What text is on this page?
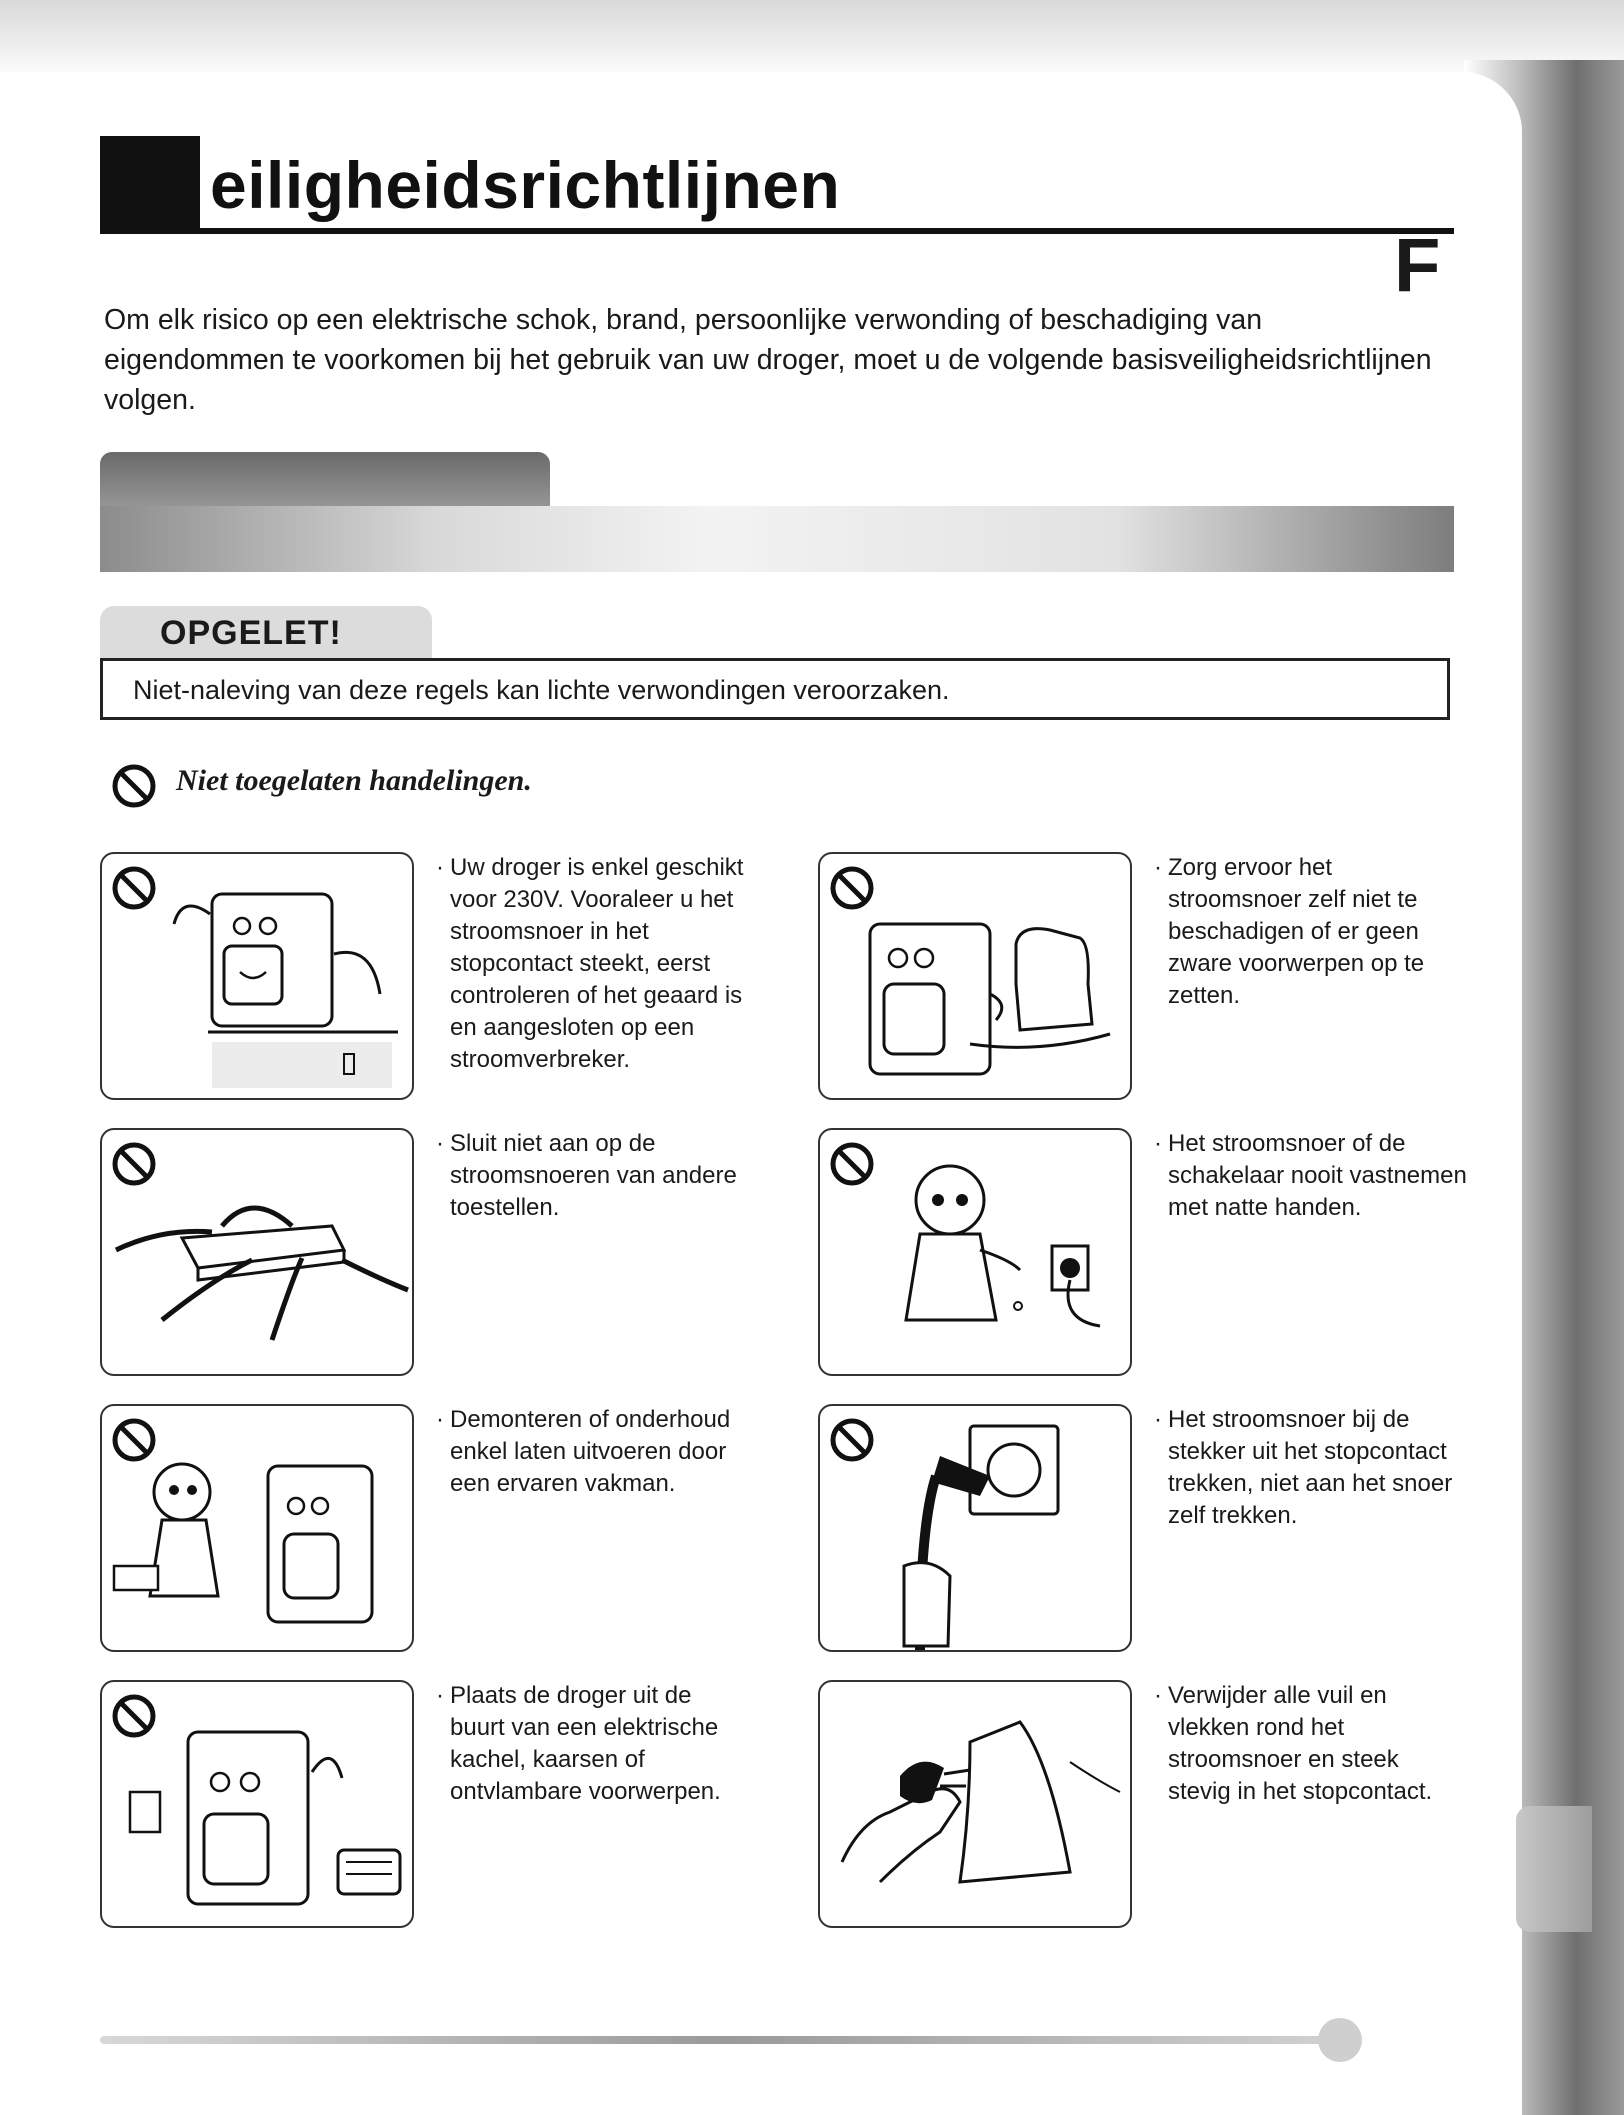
eiligheidsrichtlijnen
F

Om elk risico op een elektrische schok, brand, persoonlijke verwonding of beschadiging van eigendommen te voorkomen bij het gebruik van uw droger, moet u de volgende basisveiligheidsrichtlijnen volgen.

OPGELET!
Niet-naleving van deze regels kan lichte verwondingen veroorzaken.
Niet toegelaten handelingen.
· Uw droger is enkel geschikt voor 230V. Vooraleer u het stroomsnoer in het stopcontact steekt, eerst controleren of het geaard is en aangesloten op een stroomverbreker.
· Zorg ervoor het stroomsnoer zelf niet te beschadigen of er geen zware voorwerpen op te zetten.
· Sluit niet aan op de stroomsnoeren van andere toestellen.
· Het stroomsnoer of de schakelaar nooit vastnemen met natte handen.
· Demonteren of onderhoud enkel laten uitvoeren door een ervaren vakman.
· Het stroomsnoer bij de stekker uit het stopcontact trekken, niet aan het snoer zelf trekken.
· Plaats de droger uit de buurt van een elektrische kachel, kaarsen of ontvlambare voorwerpen.
· Verwijder alle vuil en vlekken rond het stroomsnoer en steek stevig in het stopcontact.
